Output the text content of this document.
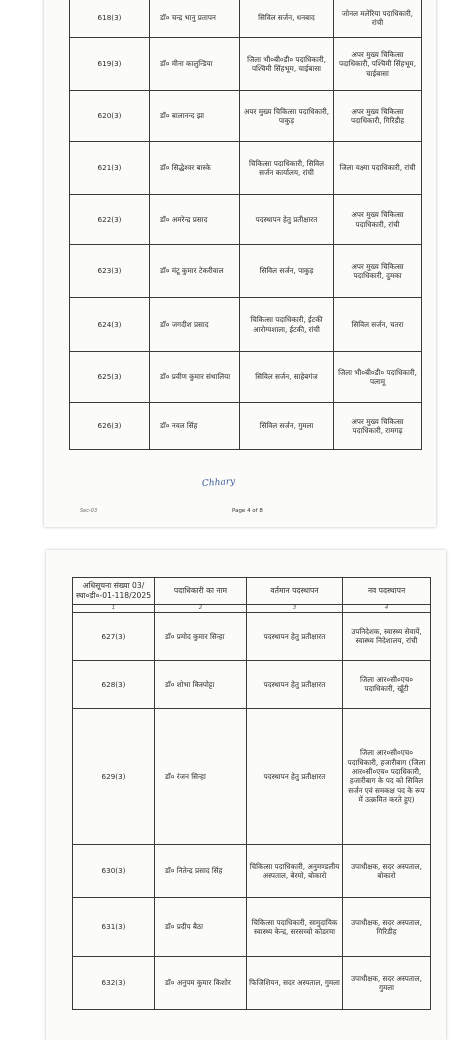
618(3)	डॉ० चन्द्र भानु प्रतापन	सिविल सर्जन, धनबाद	जोनल मलेरिया पदाधिकारी, रांची
619(3)	डॉ० मीना कालुन्डिया	जिला भी०बी०डी० पदाधिकारी, पश्चिमी सिंहभूम, चाईबासा	अपर मुख्य चिकित्सा पदाधिकारी, पश्चिमी सिंहभूम, चाईबासा
620(3)	डॉ० बालानन्द झा	अपर मुख्य चिकित्सा पदाधिकारी, पाकुड़	अपर मुख्य चिकित्सा पदाधिकारी, गिरिडीह
621(3)	डॉ० सिद्धेश्वर बास्के	चिकित्सा पदाधिकारी, सिविल सर्जन कार्यालय, रांची	जिला यक्ष्मा पदाधिकारी, रांची
622(3)	डॉ० अमरेन्द्र प्रसाद	पदस्थापन हेतु प्रतीक्षारत	अपर मुख्य चिकित्सा पदाधिकारी, रांची
623(3)	डॉ० मंटू कुमार टेकरीवाल	सिविल सर्जन, पाकुड़	अपर मुख्य चिकित्सा पदाधिकारी, दुमका
624(3)	डॉ० जगदीश प्रसाद	चिकित्सा पदाधिकारी, ईटकी आरोग्यशाला, ईटकी, रांची	सिविल सर्जन, चतरा
625(3)	डॉ० प्रवीण कुमार संथालिया	सिविल सर्जन, साहेबगंज	जिला भी०बी०डी० पदाधिकारी, पलामू
626(3)	डॉ० नवल सिंह	सिविल सर्जन, गुमला	अपर मुख्य चिकित्सा पदाधिकारी, रामगढ़
Chhary
Sec-03	Page 4 of 8
अधिसूचना संख्या 03/स्था०डी०-01-118/2025	पदाधिकारी का नाम	वर्तमान पदस्थापन	नव पदस्थापन
1	2	3	4
627(3)	डॉ० प्रमोद कुमार सिन्हा	पदस्थापन हेतु प्रतीक्षारत	उपनिदेशक, स्वास्थ्य सेवायें, स्वास्थ्य निदेशालय, रांची
628(3)	डॉ० शोभा किस्पोट्टा	पदस्थापन हेतु प्रतीक्षारत	जिला आर०सी०एच० पदाधिकारी, खूँटी
629(3)	डॉ० रंजन सिन्हा	पदस्थापन हेतु प्रतीक्षारत	जिला आर०सी०एच० पदाधिकारी, हजारीबाग (जिला आर०सी०एच० पदाधिकारी, हजारीबाग के पद को सिविल सर्जन एवं समकक्ष पद के रूप में उत्क्रमित करते हुए)
630(3)	डॉ० नितेन्द्र प्रसाद सिंह	चिकित्सा पदाधिकारी, अनुमण्डलीय अस्पताल, बेरमो, बोकारो	उपाधीक्षक, सदर अस्पताल, बोकारो
631(3)	डॉ० प्रदीप बैठा	चिकित्सा पदाधिकारी, सामुदायिक स्वास्थ्य केन्द्र, सरसच्चो कोडरमा	उपाधीक्षक, सदर अस्पताल, गिरिडीह
632(3)	डॉ० अनुपम कुमार किशोर	फिजिशियन, सदर अस्पताल, गुमला	उपाधीक्षक, सदर अस्पताल, गुमला
